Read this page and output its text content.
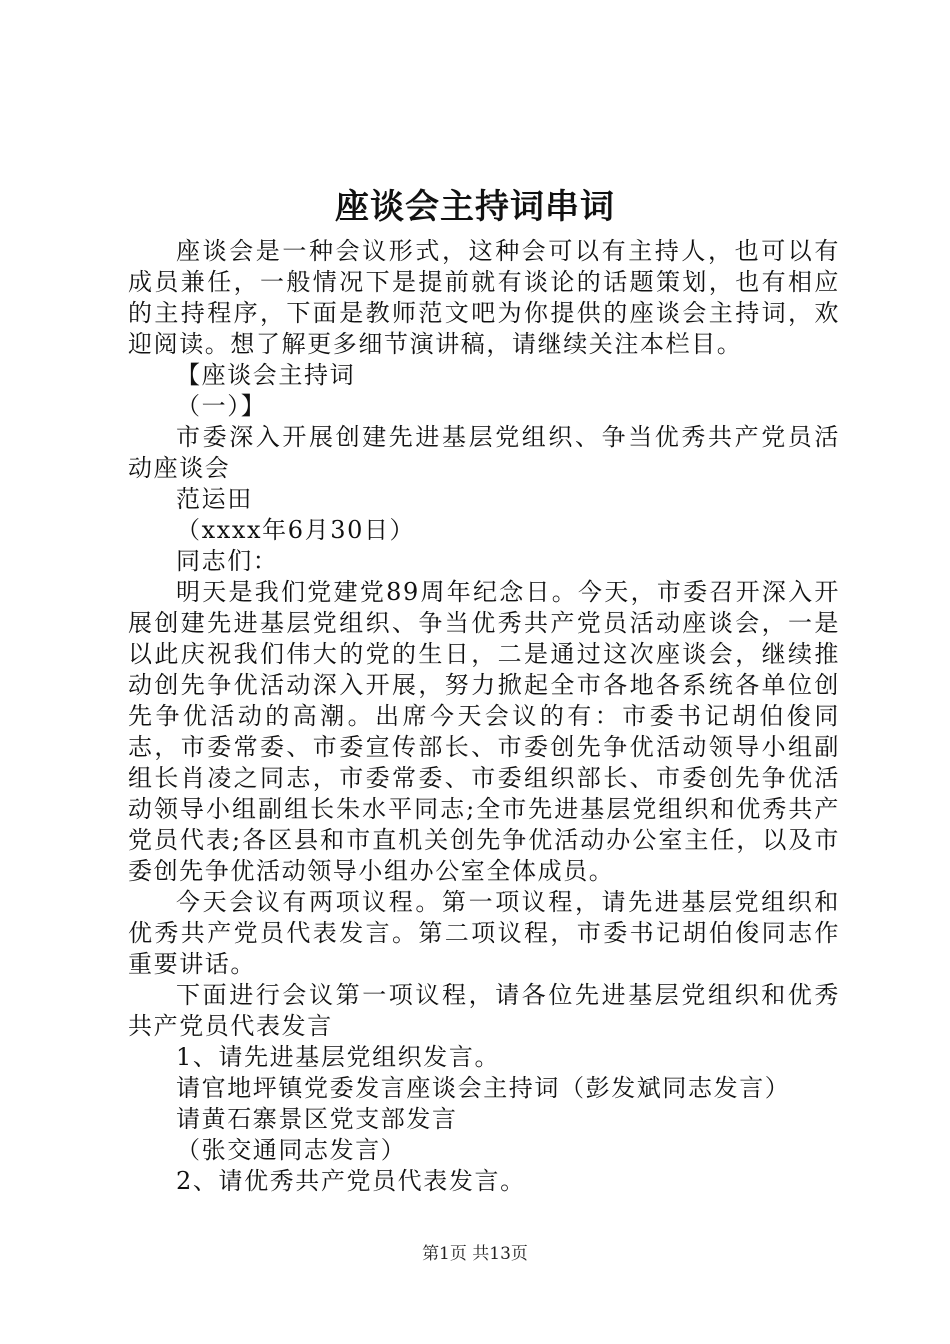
座谈会主持词串词

座谈会是一种会议形式，这种会可以有主持人，也可以有成员兼任，一般情况下是提前就有谈论的话题策划，也有相应的主持程序，下面是教师范文吧为你提供的座谈会主持词，欢迎阅读。想了解更多细节演讲稿，请继续关注本栏目。

【座谈会主持词

（一）】

市委深入开展创建先进基层党组织、争当优秀共产党员活动座谈会

范运田

（xxxx年6月30日）

同志们：

明天是我们党建党89周年纪念日。今天，市委召开深入开展创建先进基层党组织、争当优秀共产党员活动座谈会，一是以此庆祝我们伟大的党的生日，二是通过这次座谈会，继续推动创先争优活动深入开展，努力掀起全市各地各系统各单位创先争优活动的高潮。出席今天会议的有：市委书记胡伯俊同志，市委常委、市委宣传部长、市委创先争优活动领导小组副组长肖凌之同志，市委常委、市委组织部长、市委创先争优活动领导小组副组长朱水平同志;全市先进基层党组织和优秀共产党员代表;各区县和市直机关创先争优活动办公室主任，以及市委创先争优活动领导小组办公室全体成员。

今天会议有两项议程。第一项议程，请先进基层党组织和优秀共产党员代表发言。第二项议程，市委书记胡伯俊同志作重要讲话。

下面进行会议第一项议程，请各位先进基层党组织和优秀共产党员代表发言

1、请先进基层党组织发言。

请官地坪镇党委发言座谈会主持词（彭发斌同志发言）

请黄石寨景区党支部发言

（张交通同志发言）

2、请优秀共产党员代表发言。

第1页 共13页
